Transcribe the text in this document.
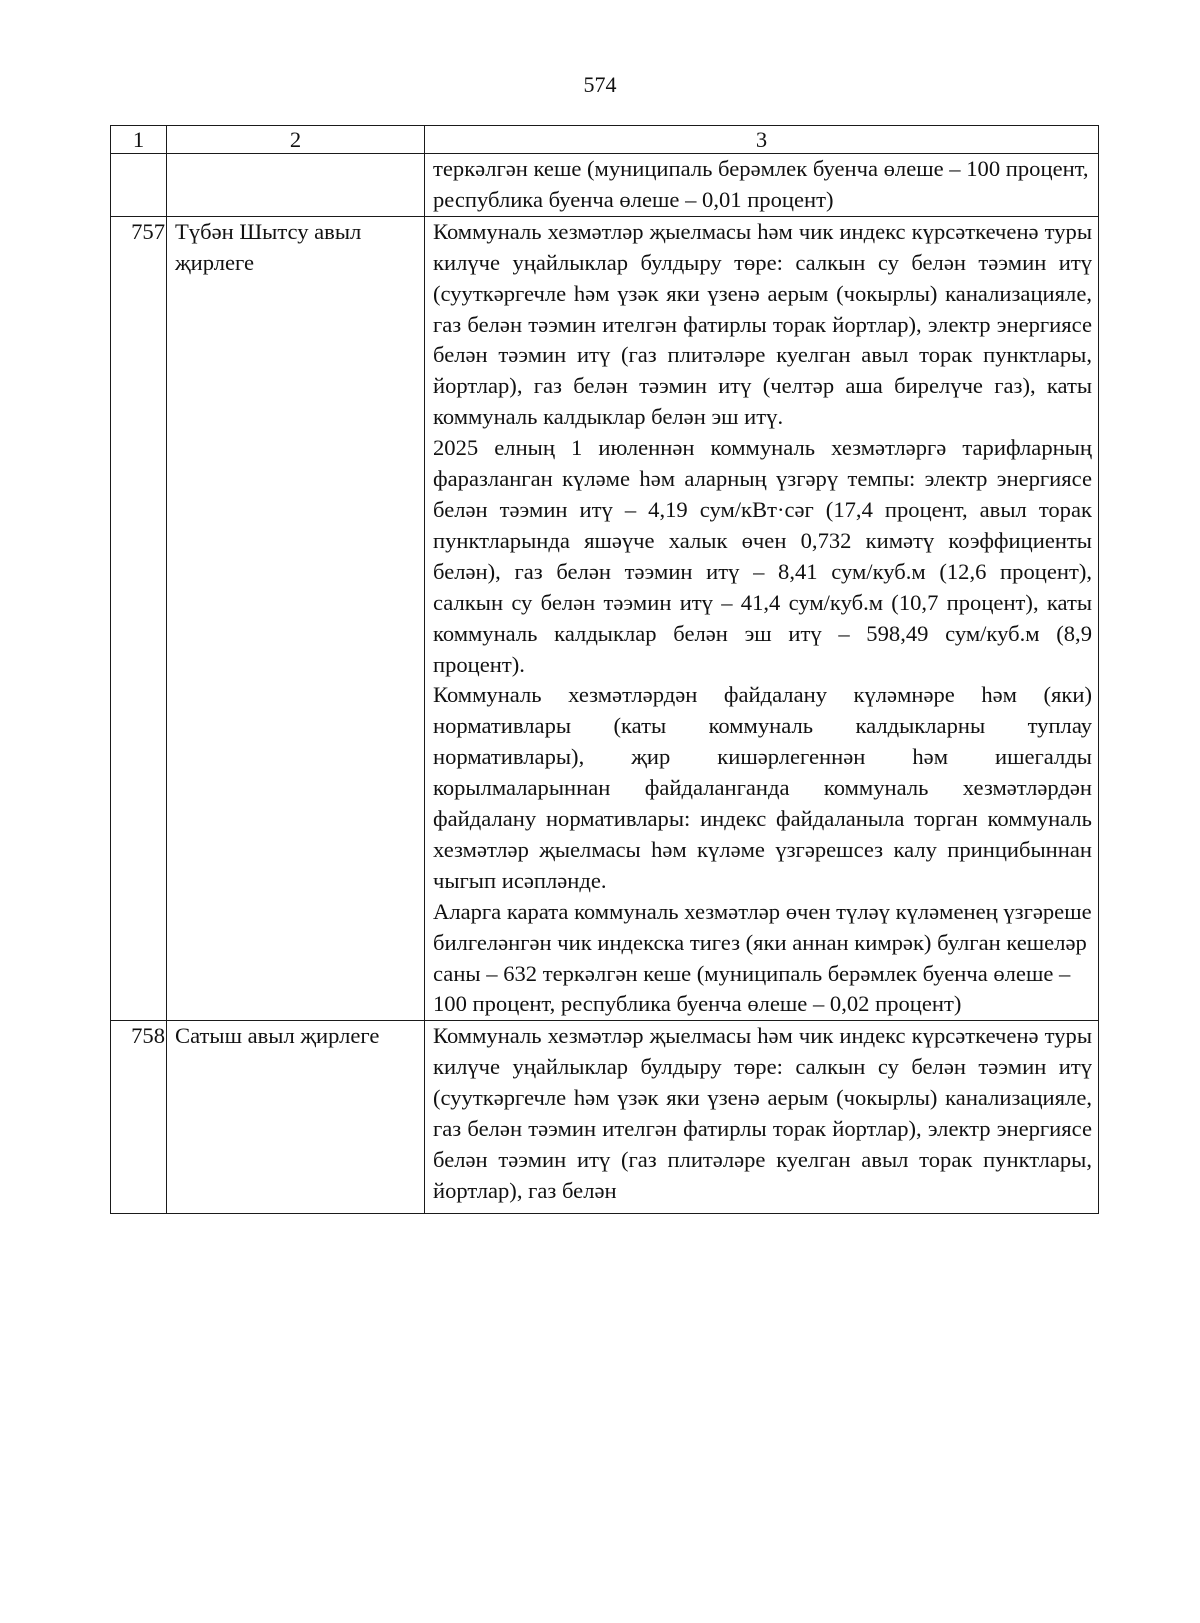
574
1	2	3

		теркәлгән кеше (муниципаль берәмлек буенча өлеше – 100 процент, республика буенча өлеше – 0,01 процент)

757	Түбән Шытсу авыл җирлеге	Коммуналь хезмәтләр җыелмасы һәм чик индекс күрсәткеченә туры килүче уңайлыклар булдыру төре: салкын су белән тәэмин итү (сууткәргечле һәм үзәк яки үзенә аерым (чокырлы) канализацияле, газ белән тәэмин ителгән фатирлы торак йортлар), электр энергиясе белән тәэмин итү (газ плитәләре куелган авыл торак пунктлары, йортлар), газ белән тәэмин итү (челтәр аша бирелүче газ), каты коммуналь калдыклар белән эш итү.

2025 елның 1 июленнән коммуналь хезмәтләргә тарифларның фаразланган күләме һәм аларның үзгәрү темпы: электр энергиясе белән тәэмин итү – 4,19 сум/кВт·сәг (17,4 процент, авыл торак пунктларында яшәүче халык өчен 0,732 кимәтү коэффициенты белән), газ белән тәэмин итү – 8,41 сум/куб.м (12,6 процент), салкын су белән тәэмин итү – 41,4 сум/куб.м (10,7 процент), каты коммуналь калдыклар белән эш итү – 598,49 сум/куб.м (8,9 процент).

Коммуналь хезмәтләрдән файдалану күләмнәре һәм (яки) нормативлары (каты коммуналь калдыкларны туплау нормативлары), җир кишәрлегеннән һәм ишегалды корылмаларыннан файдаланганда коммуналь хезмәтләрдән файдалану нормативлары: индекс файдаланыла торган коммуналь хезмәтләр җыелмасы һәм күләме үзгәрешсез калу принцибыннан чыгып исәпләнде.

Аларга карата коммуналь хезмәтләр өчен түләү күләменең үзгәреше билгеләнгән чик индекска тигез (яки аннан кимрәк) булган кешеләр саны – 632 теркәлгән кеше (муниципаль берәмлек буенча өлеше – 100 процент, республика буенча өлеше – 0,02 процент)

758	Сатыш авыл җирлеге	Коммуналь хезмәтләр җыелмасы һәм чик индекс күрсәткеченә туры килүче уңайлыклар булдыру төре: салкын су белән тәэмин итү (сууткәргечле һәм үзәк яки үзенә аерым (чокырлы) канализацияле, газ белән тәэмин ителгән фатирлы торак йортлар), электр энергиясе белән тәэмин итү (газ плитәләре куелган авыл торак пунктлары, йортлар), газ белән
